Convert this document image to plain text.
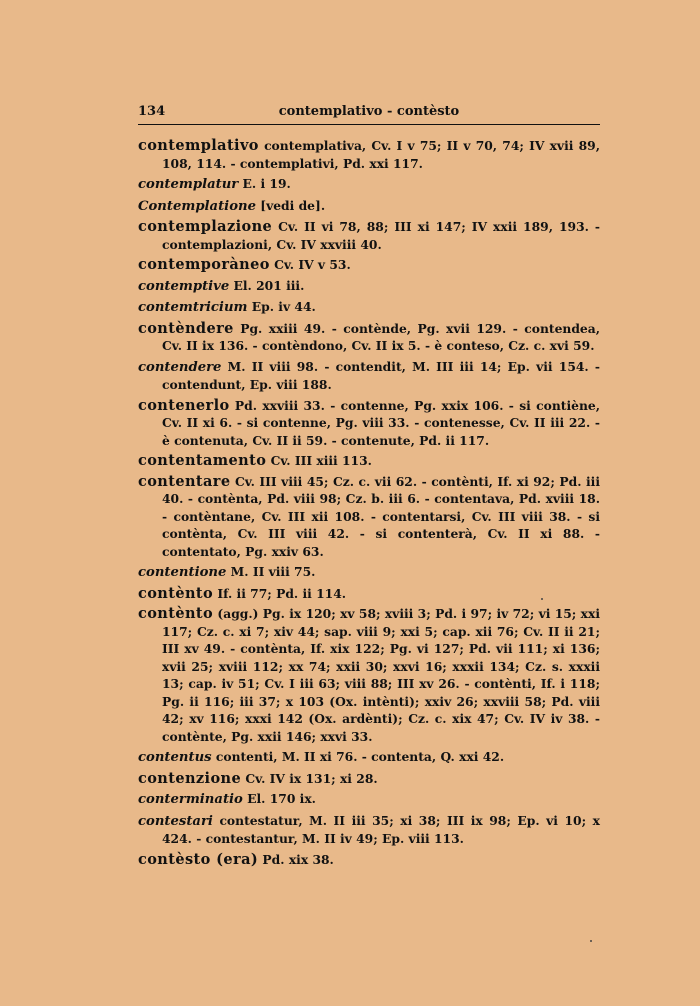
134	contemplativo - contèsto

contemplativo contemplativa, Cv. I v 75; II v 70, 74; IV xvii 89, 108, 114. - contemplativi, Pd. xxi 117.

contemplatur E. i 19.

Contemplatione [vedi de].

contemplazione Cv. II vi 78, 88; III xi 147; IV xxii 189, 193. - contemplazioni, Cv. IV xxviii 40.

contemporàneo Cv. IV v 53.

contemptive El. 201 iii.

contemtricium Ep. iv 44.

contèndere Pg. xxiii 49. - contènde, Pg. xvii 129. - contendea, Cv. II ix 136. - contèndono, Cv. II ix 5. - è conteso, Cz. c. xvi 59.

contendere M. II viii 98. - contendit, M. III iii 14; Ep. vii 154. - contendunt, Ep. viii 188.

contenerlo Pd. xxviii 33. - contenne, Pg. xxix 106. - si contiène, Cv. II xi 6. - si contenne, Pg. viii 33. - contenesse, Cv. II iii 22. - è contenuta, Cv. II ii 59. - contenute, Pd. ii 117.

contentamento Cv. III xiii 113.

contentare Cv. III viii 45; Cz. c. vii 62. - contènti, If. xi 92; Pd. iii 40. - contènta, Pd. viii 98; Cz. b. iii 6. - contentava, Pd. xviii 18. - contèntane, Cv. III xii 108. - contentarsi, Cv. III viii 38. - si contènta, Cv. III viii 42. - si contenterà, Cv. II xi 88. - contentato, Pg. xxiv 63.

contentione M. II viii 75.

contènto If. ii 77; Pd. ii 114.

contènto (agg.) Pg. ix 120; xv 58; xviii 3; Pd. i 97; iv 72; vi 15; xxi 117; Cz. c. xi 7; xiv 44; sap. viii 9; xxi 5; cap. xii 76; Cv. II ii 21; III xv 49. - contènta, If. xix 122; Pg. vi 127; Pd. vii 111; xi 136; xvii 25; xviii 112; xx 74; xxii 30; xxvi 16; xxxii 134; Cz. s. xxxii 13; cap. iv 51; Cv. I iii 63; viii 88; III xv 26. - contènti, If. i 118; Pg. ii 116; iii 37; x 103 (Ox. intènti); xxiv 26; xxviii 58; Pd. viii 42; xv 116; xxxi 142 (Ox. ardènti); Cz. c. xix 47; Cv. IV iv 38. - contènte, Pg. xxii 146; xxvi 33.

contentus contenti, M. II xi 76. - contenta, Q. xxi 42.

contenzione Cv. IV ix 131; xi 28.

conterminatio El. 170 ix.

contestari contestatur, M. II iii 35; xi 38; III ix 98; Ep. vi 10; x 424. - contestantur, M. II iv 49; Ep. viii 113.

contèsto (era) Pd. xix 38.
